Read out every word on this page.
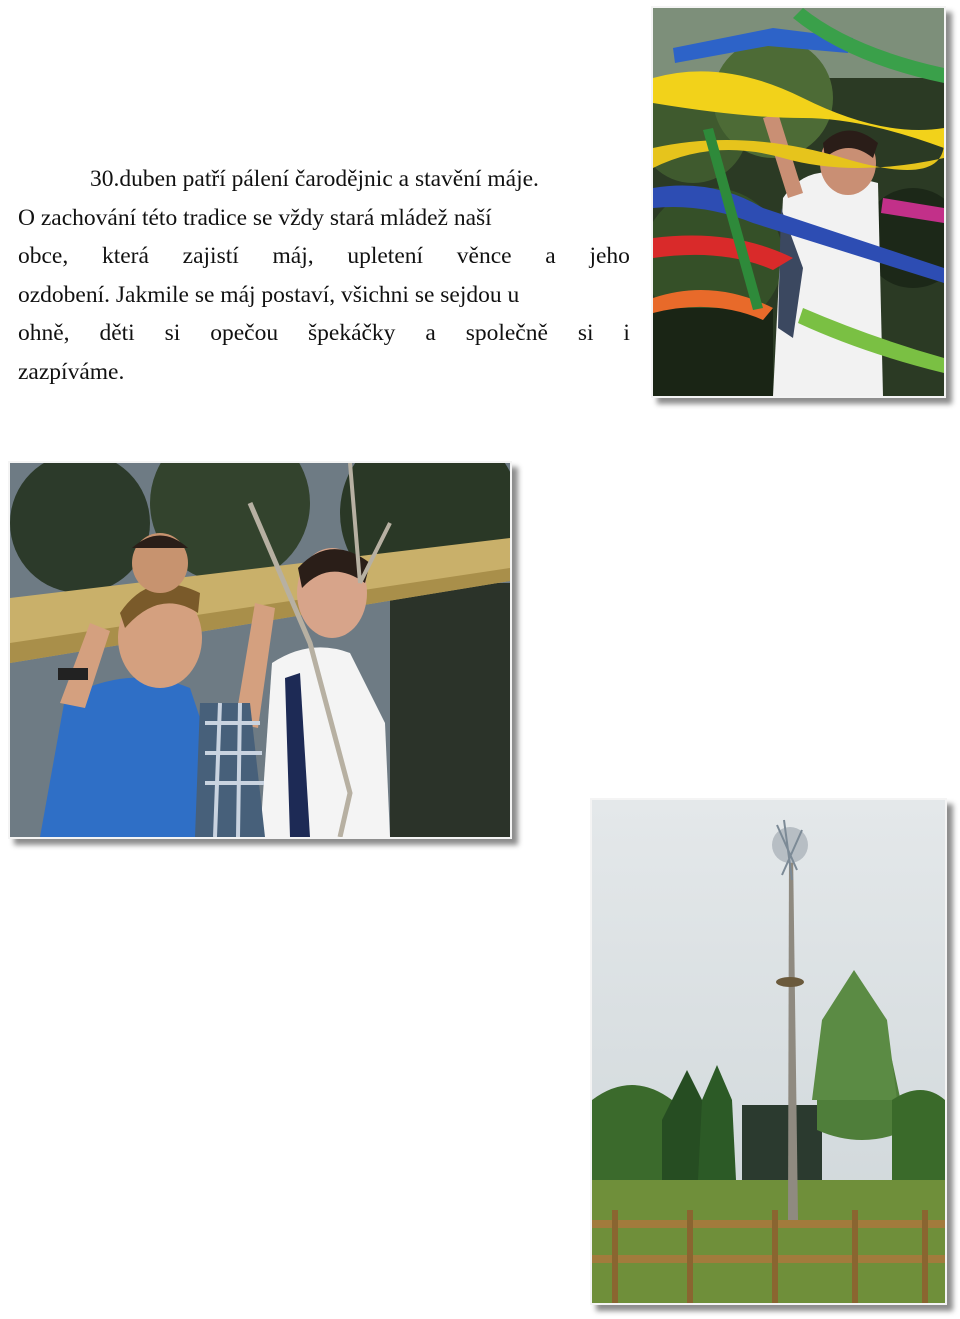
30.duben patří pálení čarodějnic a stavění máje.
O zachování této tradice se vždy stará mládež naší
obce, která zajistí máj, upletení věnce a jeho
ozdobení. Jakmile se máj postaví, všichni se sejdou u
ohně, děti si opečou špekáčky a společně si i
zazpíváme.
